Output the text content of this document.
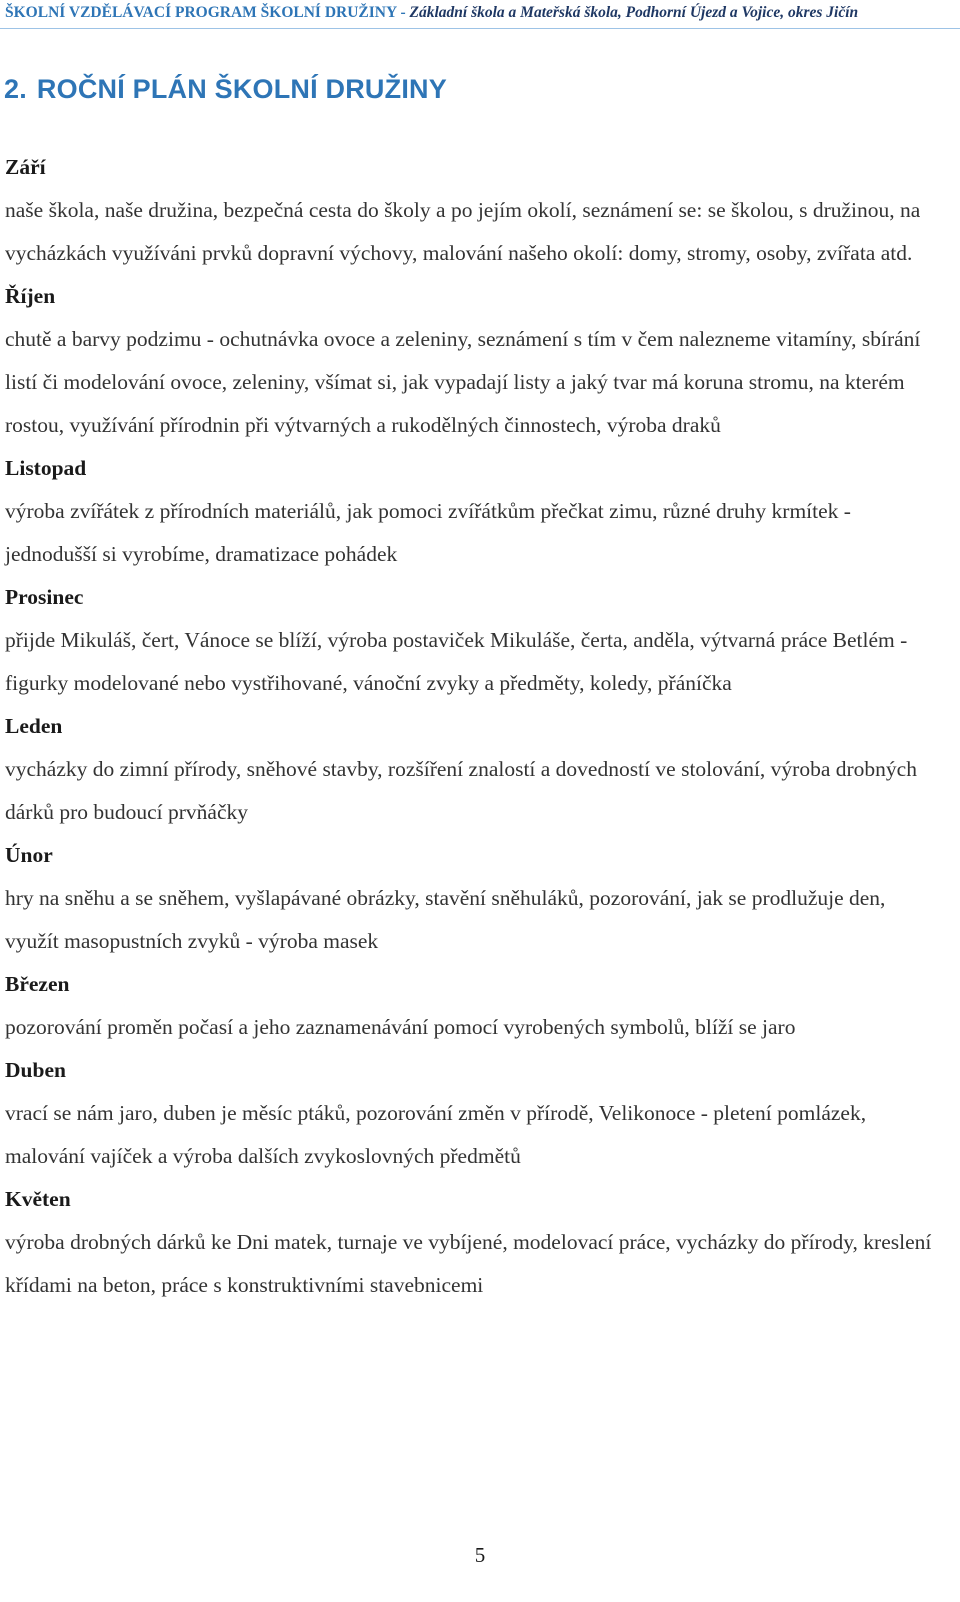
ŠKOLNÍ VZDĚLÁVACÍ PROGRAM ŠKOLNÍ DRUŽINY - Základní škola a Mateřská škola, Podhorní Újezd a Vojice, okres Jičín
2. ROČNÍ PLÁN ŠKOLNÍ DRUŽINY

Září

naše škola, naše družina, bezpečná cesta do školy a po jejím okolí, seznámení se: se školou, s družinou, na vycházkách využíváni prvků dopravní výchovy, malování našeho okolí: domy, stromy, osoby, zvířata atd.

Říjen

chutě a barvy podzimu - ochutnávka ovoce a zeleniny, seznámení s tím v čem nalezneme vitamíny, sbírání listí či modelování ovoce, zeleniny, všímat si, jak vypadají listy a jaký tvar má koruna stromu, na kterém rostou, využívání přírodnin při výtvarných a rukodělných činnostech, výroba draků

Listopad

výroba zvířátek z přírodních materiálů, jak pomoci zvířátkům přečkat zimu, různé druhy krmítek - jednodušší si vyrobíme, dramatizace pohádek

Prosinec

přijde Mikuláš, čert, Vánoce se blíží, výroba postaviček Mikuláše, čerta, anděla, výtvarná práce Betlém - figurky modelované nebo vystřihované, vánoční zvyky a předměty, koledy, přáníčka

Leden

vycházky do zimní přírody, sněhové stavby, rozšíření znalostí a dovedností ve stolování, výroba drobných dárků pro budoucí prvňáčky

Únor

hry na sněhu a se sněhem, vyšlapávané obrázky, stavění sněhuláků, pozorování, jak se prodlužuje den, využít masopustních zvyků - výroba masek

Březen

pozorování proměn počasí a jeho zaznamenávání pomocí vyrobených symbolů, blíží se jaro

Duben

vrací se nám jaro, duben je měsíc ptáků, pozorování změn v přírodě, Velikonoce - pletení pomlázek, malování vajíček a výroba dalších zvykoslovných předmětů

Květen

výroba drobných dárků ke Dni matek, turnaje ve vybíjené, modelovací práce, vycházky do přírody, kreslení křídami na beton, práce s konstruktivními stavebnicemi

5
